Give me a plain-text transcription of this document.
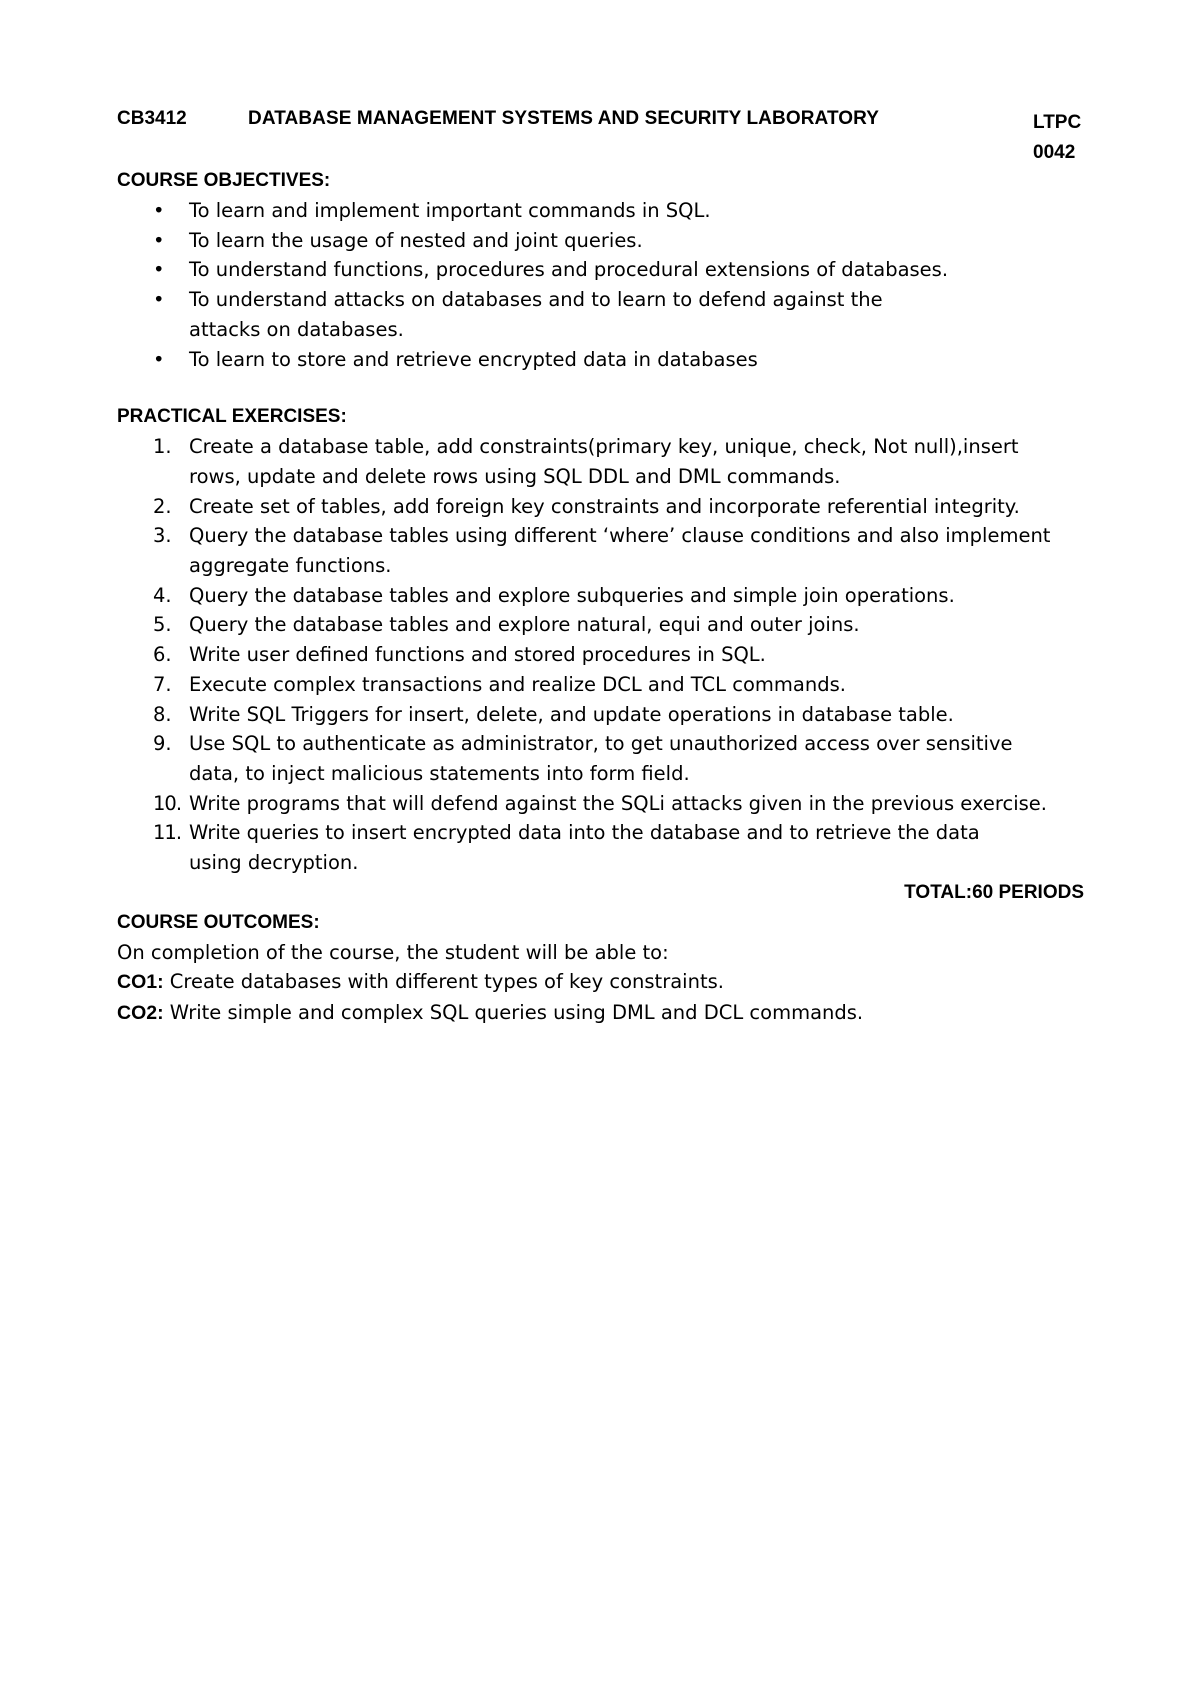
CB3412	DATABASE MANAGEMENT SYSTEMS AND SECURITY LABORATORY	LTPC
0042

COURSE OBJECTIVES:

• To learn and implement important commands in SQL.
• To learn the usage of nested and joint queries.
• To understand functions, procedures and procedural extensions of databases.
• To understand attacks on databases and to learn to defend against the attacks on databases.
• To learn to store and retrieve encrypted data in databases

PRACTICAL EXERCISES:

1. Create a database table, add constraints(primary key, unique, check, Not null),insert rows, update and delete rows using SQL DDL and DML commands.
2. Create set of tables, add foreign key constraints and incorporate referential integrity.
3. Query the database tables using different ‘where’ clause conditions and also implement aggregate functions.
4. Query the database tables and explore subqueries and simple join operations.
5. Query the database tables and explore natural, equi and outer joins.
6. Write user defined functions and stored procedures in SQL.
7. Execute complex transactions and realize DCL and TCL commands.
8. Write SQL Triggers for insert, delete, and update operations in database table.
9. Use SQL to authenticate as administrator, to get unauthorized access over sensitive data, to inject malicious statements into form field.
10. Write programs that will defend against the SQLi attacks given in the previous exercise.
11. Write queries to insert encrypted data into the database and to retrieve the data using decryption.
TOTAL:60 PERIODS

COURSE OUTCOMES:

On completion of the course, the student will be able to:
CO1: Create databases with different types of key constraints.
CO2: Write simple and complex SQL queries using DML and DCL commands.
